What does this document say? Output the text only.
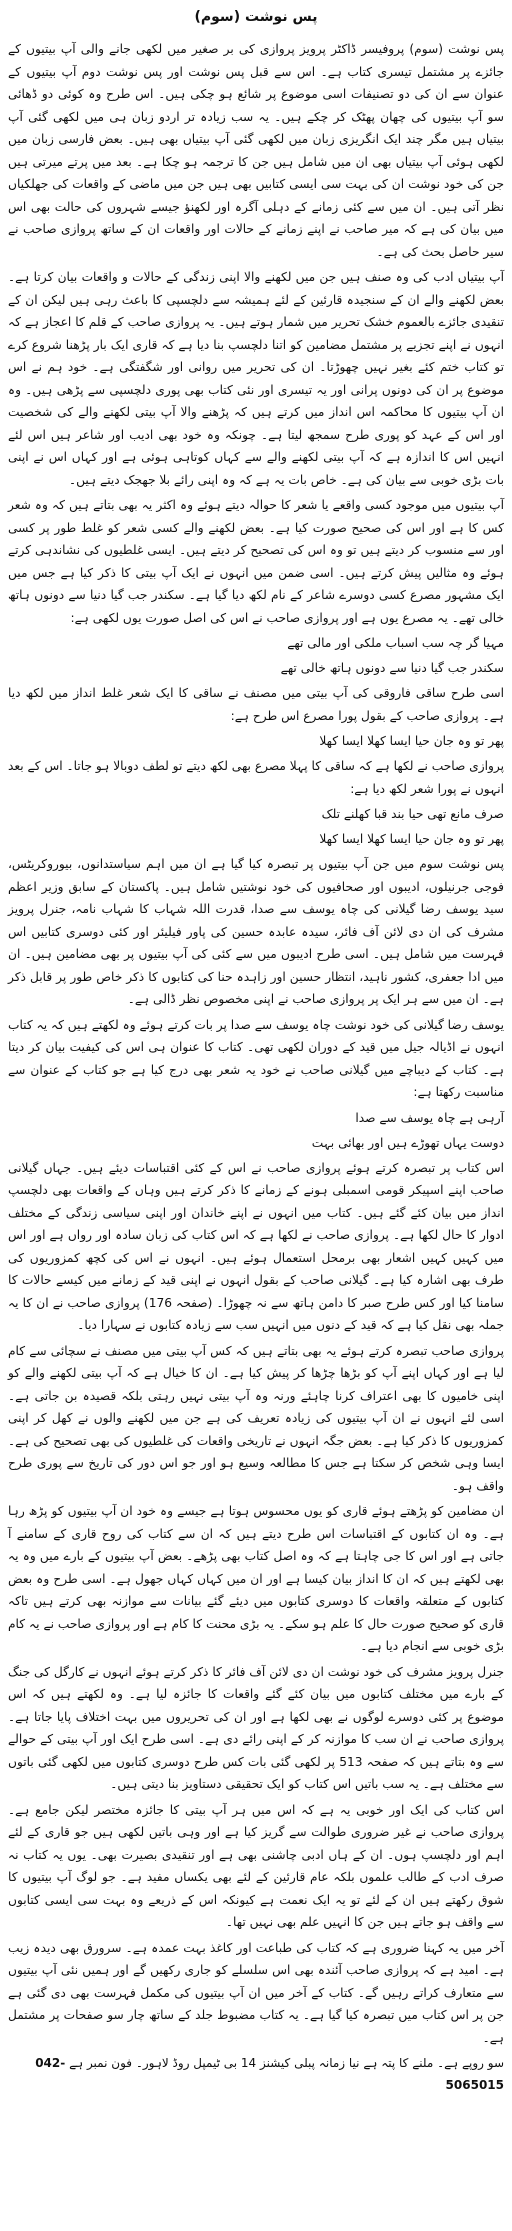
پس نوشت (سوم)
پس نوشت (سوم) پروفیسر ڈاکٹر پرویز پروازی کی بر صغیر میں لکھی جانے والی آپ بیتیوں کے جائزے پر مشتمل تیسری کتاب ہے۔ اس سے قبل پس نوشت اور پس نوشت دوم آپ بیتیوں کے عنوان سے ان کی دو تصنیفات اسی موضوع پر شائع ہو چکی ہیں۔ اس طرح وہ کوئی دو ڈھائی سو آپ بیتیوں کی چھان پھٹک کر چکے ہیں۔ یہ سب زیادہ تر اردو زبان ہی میں لکھی گئی آپ بیتیاں ہیں مگر چند ایک انگریزی زبان میں لکھی گئی آپ بیتیاں بھی ہیں۔ بعض فارسی زبان میں لکھی ہوئی آپ بیتیاں بھی ان میں شامل ہیں جن کا ترجمہ ہو چکا ہے۔ بعد میں پرتے میرتی ہیں جن کی خود نوشت ان کی بہت سی ایسی کتابیں بھی ہیں جن میں ماضی کے واقعات کی جھلکیاں نظر آتی ہیں۔ ان میں سے کئی زمانے کے دہلی آگرہ اور لکھنؤ جیسے شہروں کی حالت بھی اس میں بیان کی ہے کہ میر صاحب نے اپنے زمانے کے حالات اور واقعات ان کے ساتھ پروازی صاحب نے سیر حاصل بحث کی ہے۔
آپ بیتیاں ادب کی وہ صنف ہیں جن میں لکھنے والا اپنی زندگی کے حالات و واقعات بیان کرتا ہے۔ بعض لکھنے والے ان کے سنجیدہ قارئین کے لئے ہمیشہ سے دلچسپی کا باعث رہی ہیں لیکن ان کے تنقیدی جائزے بالعموم خشک تحریر میں شمار ہوتے ہیں۔ یہ پروازی صاحب کے قلم کا اعجاز ہے کہ انہوں نے اپنے تجزیے پر مشتمل مضامین کو اتنا دلچسپ بنا دیا ہے کہ قاری ایک بار پڑھنا شروع کرے تو کتاب ختم کئے بغیر نہیں چھوڑتا۔ ان کی تحریر میں روانی اور شگفتگی ہے۔ خود ہم نے اس موضوع پر ان کی دونوں پرانی اور یہ تیسری اور نئی کتاب بھی پوری دلچسپی سے پڑھی ہیں۔ وہ ان آپ بیتیوں کا محاکمہ اس انداز میں کرتے ہیں کہ پڑھنے والا آپ بیتی لکھنے والے کی شخصیت اور اس کے عہد کو پوری طرح سمجھ لیتا ہے۔ چونکہ وہ خود بھی ادیب اور شاعر ہیں اس لئے انہیں اس کا اندازہ ہے کہ آپ بیتی لکھنے والے سے کہاں کوتاہی ہوئی ہے اور کہاں اس نے اپنی بات بڑی خوبی سے بیان کی ہے۔ خاص بات یہ ہے کہ وہ اپنی رائے بلا جھجک دیتے ہیں۔
آپ بیتیوں میں موجود کسی واقعے یا شعر کا حوالہ دیتے ہوئے وہ اکثر یہ بھی بتاتے ہیں کہ وہ شعر کس کا ہے اور اس کی صحیح صورت کیا ہے۔ بعض لکھنے والے کسی شعر کو غلط طور پر کسی اور سے منسوب کر دیتے ہیں تو وہ اس کی تصحیح کر دیتے ہیں۔ ایسی غلطیوں کی نشاندہی کرتے ہوئے وہ مثالیں پیش کرتے ہیں۔ اسی ضمن میں انہوں نے ایک آپ بیتی کا ذکر کیا ہے جس میں ایک مشہور مصرع کسی دوسرے شاعر کے نام لکھ دیا گیا ہے۔ سکندر جب گیا دنیا سے دونوں ہاتھ خالی تھے۔ یہ مصرع یوں ہے اور پروازی صاحب نے اس کی اصل صورت یوں لکھی ہے:
مہیا گر چہ سب اسباب ملکی اور مالی تھے
سکندر جب گیا دنیا سے دونوں ہاتھ خالی تھے
اسی طرح ساقی فاروقی کی آپ بیتی میں مصنف نے ساقی کا ایک شعر غلط انداز میں لکھ دیا ہے۔ پروازی صاحب کے بقول پورا مصرع اس طرح ہے:
پھر تو وہ جان حیا ایسا کھلا ایسا کھلا
پروازی صاحب نے لکھا ہے کہ ساقی کا پہلا مصرع بھی لکھ دیتے تو لطف دوبالا ہو جاتا۔ اس کے بعد انہوں نے پورا شعر لکھ دیا ہے:
صرف مانع تھی حیا بند قبا کھلنے تلک
پھر تو وہ جان حیا ایسا کھلا ایسا کھلا
پس نوشت سوم میں جن آپ بیتیوں پر تبصرہ کیا گیا ہے ان میں اہم سیاستدانوں، بیوروکریٹس، فوجی جرنیلوں، ادیبوں اور صحافیوں کی خود نوشتیں شامل ہیں۔ پاکستان کے سابق وزیر اعظم سید یوسف رضا گیلانی کی چاہ یوسف سے صدا، قدرت اللہ شہاب کا شہاب نامہ، جنرل پرویز مشرف کی ان دی لائن آف فائر، سیدہ عابدہ حسین کی پاور فیلیئر اور کئی دوسری کتابیں اس فہرست میں شامل ہیں۔ اسی طرح ادیبوں میں سے کئی کی آپ بیتیوں پر بھی مضامین ہیں۔ ان میں ادا جعفری، کشور ناہید، انتظار حسین اور زاہدہ حنا کی کتابوں کا ذکر خاص طور پر قابل ذکر ہے۔ ان میں سے ہر ایک پر پروازی صاحب نے اپنی مخصوص نظر ڈالی ہے۔
یوسف رضا گیلانی کی خود نوشت چاہ یوسف سے صدا پر بات کرتے ہوئے وہ لکھتے ہیں کہ یہ کتاب انہوں نے اڈیالہ جیل میں قید کے دوران لکھی تھی۔ کتاب کا عنوان ہی اس کی کیفیت بیان کر دیتا ہے۔ کتاب کے دیباچے میں گیلانی صاحب نے خود یہ شعر بھی درج کیا ہے جو کتاب کے عنوان سے مناسبت رکھتا ہے:
آرہی ہے چاہ یوسف سے صدا
دوست یہاں تھوڑے ہیں اور بھائی بہت
اس کتاب پر تبصرہ کرتے ہوئے پروازی صاحب نے اس کے کئی اقتباسات دیئے ہیں۔ جہاں گیلانی صاحب اپنے اسپیکر قومی اسمبلی ہونے کے زمانے کا ذکر کرتے ہیں وہاں کے واقعات بھی دلچسپ انداز میں بیان کئے گئے ہیں۔ کتاب میں انہوں نے اپنے خاندان اور اپنی سیاسی زندگی کے مختلف ادوار کا حال لکھا ہے۔ پروازی صاحب نے لکھا ہے کہ اس کتاب کی زبان سادہ اور رواں ہے اور اس میں کہیں کہیں اشعار بھی برمحل استعمال ہوئے ہیں۔ انہوں نے اس کی کچھ کمزوریوں کی طرف بھی اشارہ کیا ہے۔ گیلانی صاحب کے بقول انہوں نے اپنی قید کے زمانے میں کیسے حالات کا سامنا کیا اور کس طرح صبر کا دامن ہاتھ سے نہ چھوڑا۔ (صفحہ 176) پروازی صاحب نے ان کا یہ جملہ بھی نقل کیا ہے کہ قید کے دنوں میں انہیں سب سے زیادہ کتابوں نے سہارا دیا۔
پروازی صاحب تبصرہ کرتے ہوئے یہ بھی بتاتے ہیں کہ کس آپ بیتی میں مصنف نے سچائی سے کام لیا ہے اور کہاں اپنے آپ کو بڑھا چڑھا کر پیش کیا ہے۔ ان کا خیال ہے کہ آپ بیتی لکھنے والے کو اپنی خامیوں کا بھی اعتراف کرنا چاہئے ورنہ وہ آپ بیتی نہیں رہتی بلکہ قصیدہ بن جاتی ہے۔ اسی لئے انہوں نے ان آپ بیتیوں کی زیادہ تعریف کی ہے جن میں لکھنے والوں نے کھل کر اپنی کمزوریوں کا ذکر کیا ہے۔ بعض جگہ انہوں نے تاریخی واقعات کی غلطیوں کی بھی تصحیح کی ہے۔ ایسا وہی شخص کر سکتا ہے جس کا مطالعہ وسیع ہو اور جو اس دور کی تاریخ سے پوری طرح واقف ہو۔
ان مضامین کو پڑھتے ہوئے قاری کو یوں محسوس ہوتا ہے جیسے وہ خود ان آپ بیتیوں کو پڑھ رہا ہے۔ وہ ان کتابوں کے اقتباسات اس طرح دیتے ہیں کہ ان سے کتاب کی روح قاری کے سامنے آ جاتی ہے اور اس کا جی چاہتا ہے کہ وہ اصل کتاب بھی پڑھے۔ بعض آپ بیتیوں کے بارے میں وہ یہ بھی لکھتے ہیں کہ ان کا انداز بیان کیسا ہے اور ان میں کہاں کہاں جھول ہے۔ اسی طرح وہ بعض کتابوں کے متعلقہ واقعات کا دوسری کتابوں میں دیئے گئے بیانات سے موازنہ بھی کرتے ہیں تاکہ قاری کو صحیح صورت حال کا علم ہو سکے۔ یہ بڑی محنت کا کام ہے اور پروازی صاحب نے یہ کام بڑی خوبی سے انجام دیا ہے۔
جنرل پرویز مشرف کی خود نوشت ان دی لائن آف فائر کا ذکر کرتے ہوئے انہوں نے کارگل کی جنگ کے بارے میں مختلف کتابوں میں بیان کئے گئے واقعات کا جائزہ لیا ہے۔ وہ لکھتے ہیں کہ اس موضوع پر کئی دوسرے لوگوں نے بھی لکھا ہے اور ان کی تحریروں میں بہت اختلاف پایا جاتا ہے۔ پروازی صاحب نے ان سب کا موازنہ کر کے اپنی رائے دی ہے۔ اسی طرح ایک اور آپ بیتی کے حوالے سے وہ بتاتے ہیں کہ صفحہ 513 پر لکھی گئی بات کس طرح دوسری کتابوں میں لکھی گئی باتوں سے مختلف ہے۔ یہ سب باتیں اس کتاب کو ایک تحقیقی دستاویز بنا دیتی ہیں۔
اس کتاب کی ایک اور خوبی یہ ہے کہ اس میں ہر آپ بیتی کا جائزہ مختصر لیکن جامع ہے۔ پروازی صاحب نے غیر ضروری طوالت سے گریز کیا ہے اور وہی باتیں لکھی ہیں جو قاری کے لئے اہم اور دلچسپ ہوں۔ ان کے ہاں ادبی چاشنی بھی ہے اور تنقیدی بصیرت بھی۔ یوں یہ کتاب نہ صرف ادب کے طالب علموں بلکہ عام قارئین کے لئے بھی یکساں مفید ہے۔ جو لوگ آپ بیتیوں کا شوق رکھتے ہیں ان کے لئے تو یہ ایک نعمت ہے کیونکہ اس کے ذریعے وہ بہت سی ایسی کتابوں سے واقف ہو جاتے ہیں جن کا انہیں علم بھی نہیں تھا۔
آخر میں یہ کہنا ضروری ہے کہ کتاب کی طباعت اور کاغذ بہت عمدہ ہے۔ سرورق بھی دیدہ زیب ہے۔ امید ہے کہ پروازی صاحب آئندہ بھی اس سلسلے کو جاری رکھیں گے اور ہمیں نئی آپ بیتیوں سے متعارف کراتے رہیں گے۔ کتاب کے آخر میں ان آپ بیتیوں کی مکمل فہرست بھی دی گئی ہے جن پر اس کتاب میں تبصرہ کیا گیا ہے۔ یہ کتاب مضبوط جلد کے ساتھ چار سو صفحات پر مشتمل ہے۔
سو روپے ہے۔ ملنے کا پتہ ہے نیا زمانہ پبلی کیشنز 14 بی ٹیمپل روڈ لاہور۔ فون نمبر ہے 042-5065015
